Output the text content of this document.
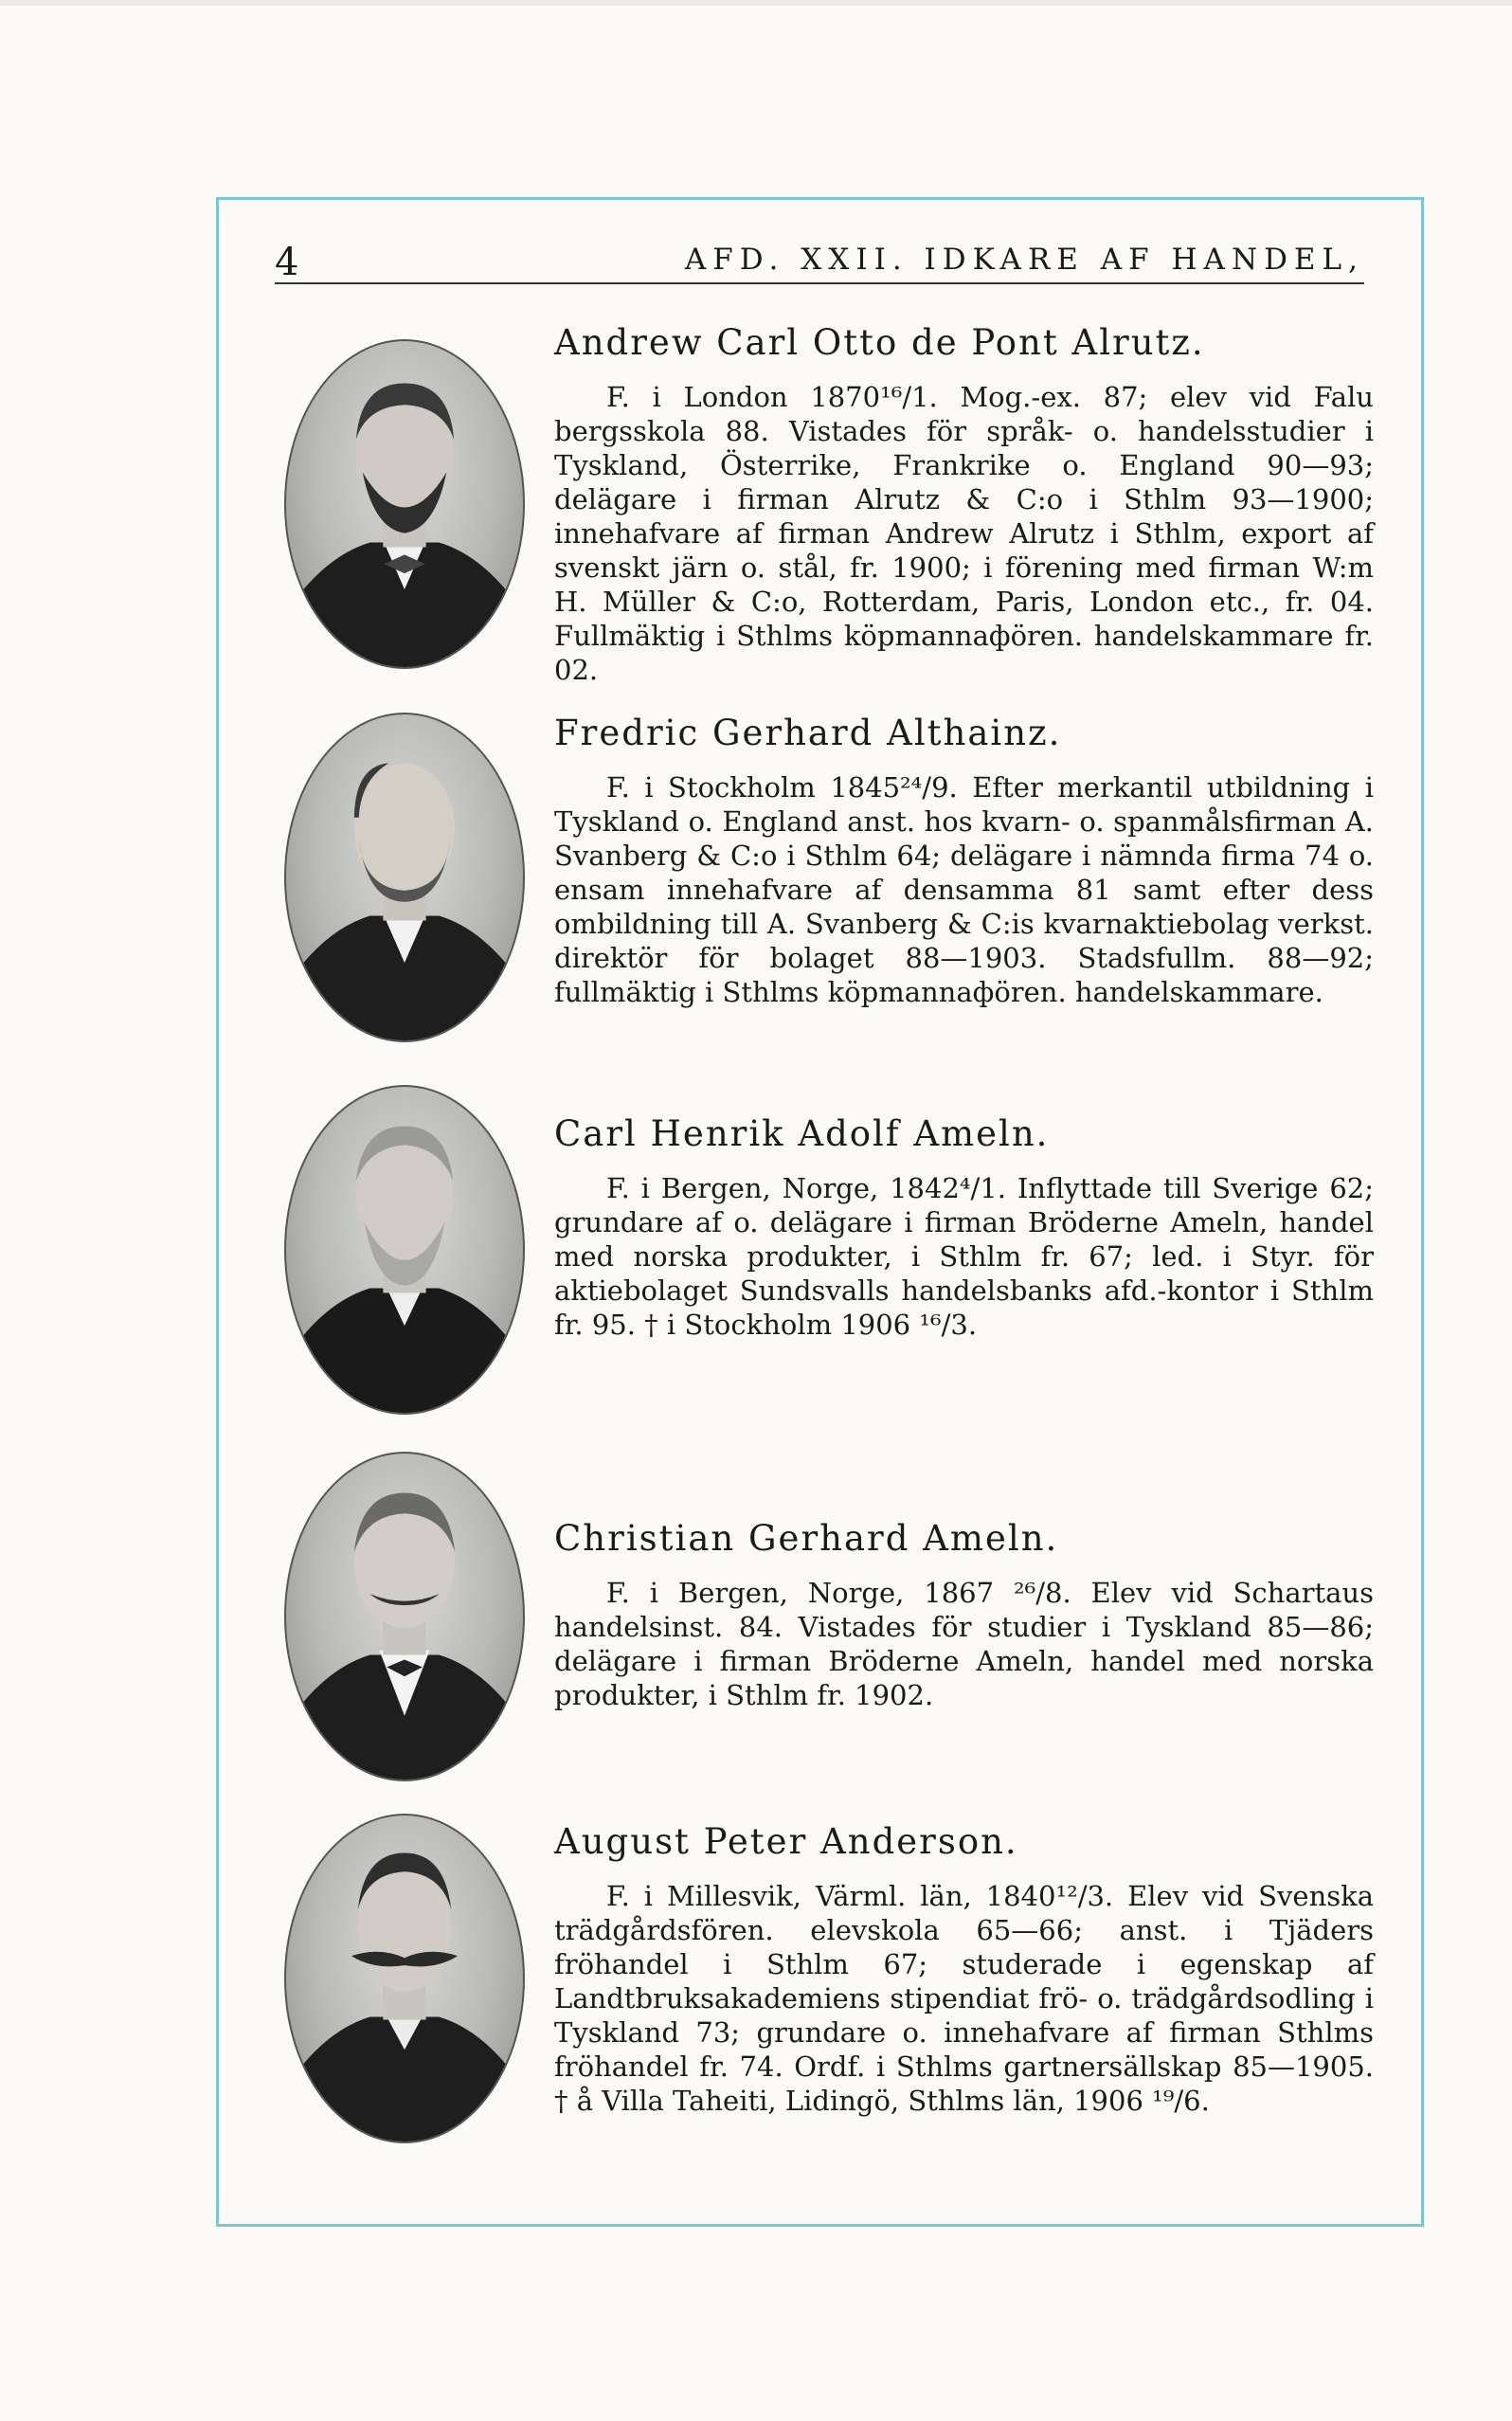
4	AFD. XXII. IDKARE AF HANDEL,
Andrew Carl Otto de Pont Alrutz.

F. i London 1870¹⁶/1. Mog.-ex. 87; elev vid Falu bergsskola 88. Vistades för språk- o. handelsstudier i Tyskland, Österrike, Frankrike o. England 90—93; delägare i firman Alrutz & C:o i Sthlm 93—1900; innehafvare af firman Andrew Alrutz i Sthlm, export af svenskt järn o. stål, fr. 1900; i förening med firman W:m H. Müller & C:o, Rotterdam, Paris, London etc., fr. 04. Fullmäktig i Sthlms köpmannaфören. handelskammare fr. 02.

Fredric Gerhard Althainz.

F. i Stockholm 1845²⁴/9. Efter merkantil utbildning i Tyskland o. England anst. hos kvarn- o. spanmålsfirman A. Svanberg & C:o i Sthlm 64; delägare i nämnda firma 74 o. ensam innehafvare af densamma 81 samt efter dess ombildning till A. Svanberg & C:is kvarnaktiebolag verkst. direktör för bolaget 88—1903. Stadsfullm. 88—92; fullmäktig i Sthlms köpmannaфören. handelskammare.

Carl Henrik Adolf Ameln.

F. i Bergen, Norge, 1842⁴/1. Inflyttade till Sverige 62; grundare af o. delägare i firman Bröderne Ameln, handel med norska produkter, i Sthlm fr. 67; led. i Styr. för aktiebolaget Sundsvalls handelsbanks afd.-kontor i Sthlm fr. 95. † i Stockholm 1906 ¹⁶/3.

Christian Gerhard Ameln.

F. i Bergen, Norge, 1867 ²⁶/8. Elev vid Schartaus handelsinst. 84. Vistades för studier i Tyskland 85—86; delägare i firman Bröderne Ameln, handel med norska produkter, i Sthlm fr. 1902.

August Peter Anderson.

F. i Millesvik, Värml. län, 1840¹²/3. Elev vid Svenska trädgårdsfören. elevskola 65—66; anst. i Tjäders fröhandel i Sthlm 67; studerade i egenskap af Landtbruksakademiens stipendiat frö- o. trädgårdsodling i Tyskland 73; grundare o. innehafvare af firman Sthlms fröhandel fr. 74. Ordf. i Sthlms gartnersällskap 85—1905. † å Villa Taheiti, Lidingö, Sthlms län, 1906 ¹⁹/6.
